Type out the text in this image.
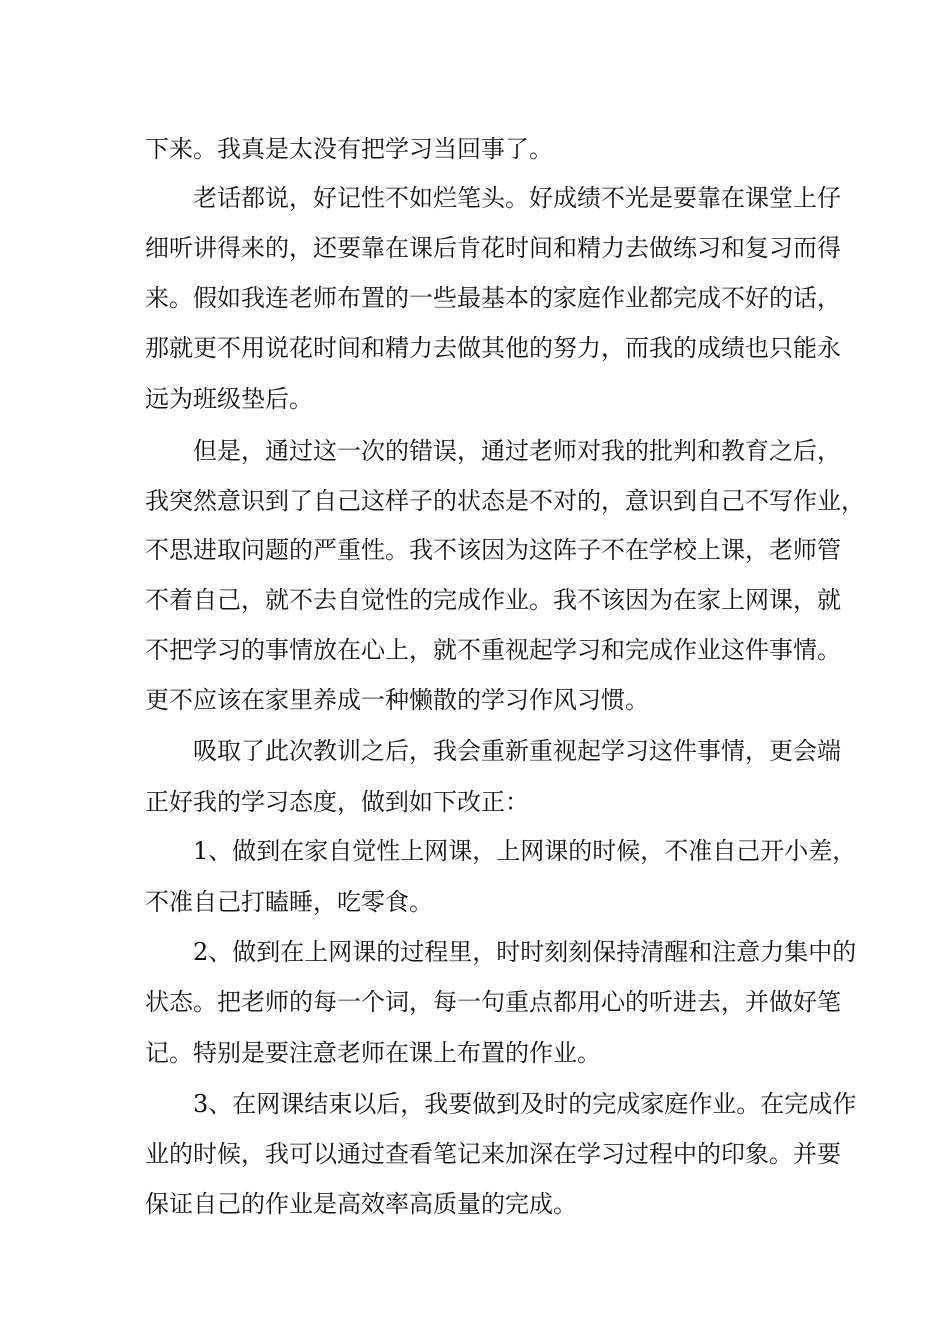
下来。我真是太没有把学习当回事了。
老话都说，好记性不如烂笔头。好成绩不光是要靠在课堂上仔
细听讲得来的，还要靠在课后肯花时间和精力去做练习和复习而得
来。假如我连老师布置的一些最基本的家庭作业都完成不好的话，
那就更不用说花时间和精力去做其他的努力，而我的成绩也只能永
远为班级垫后。
但是，通过这一次的错误，通过老师对我的批判和教育之后，
我突然意识到了自己这样子的状态是不对的，意识到自己不写作业，
不思进取问题的严重性。我不该因为这阵子不在学校上课，老师管
不着自己，就不去自觉性的完成作业。我不该因为在家上网课，就
不把学习的事情放在心上，就不重视起学习和完成作业这件事情。
更不应该在家里养成一种懒散的学习作风习惯。
吸取了此次教训之后，我会重新重视起学习这件事情，更会端
正好我的学习态度，做到如下改正：
1、做到在家自觉性上网课，上网课的时候，不准自己开小差，
不准自己打瞌睡，吃零食。
2、做到在上网课的过程里，时时刻刻保持清醒和注意力集中的
状态。把老师的每一个词，每一句重点都用心的听进去，并做好笔
记。特别是要注意老师在课上布置的作业。
3、在网课结束以后，我要做到及时的完成家庭作业。在完成作
业的时候，我可以通过查看笔记来加深在学习过程中的印象。并要
保证自己的作业是高效率高质量的完成。
